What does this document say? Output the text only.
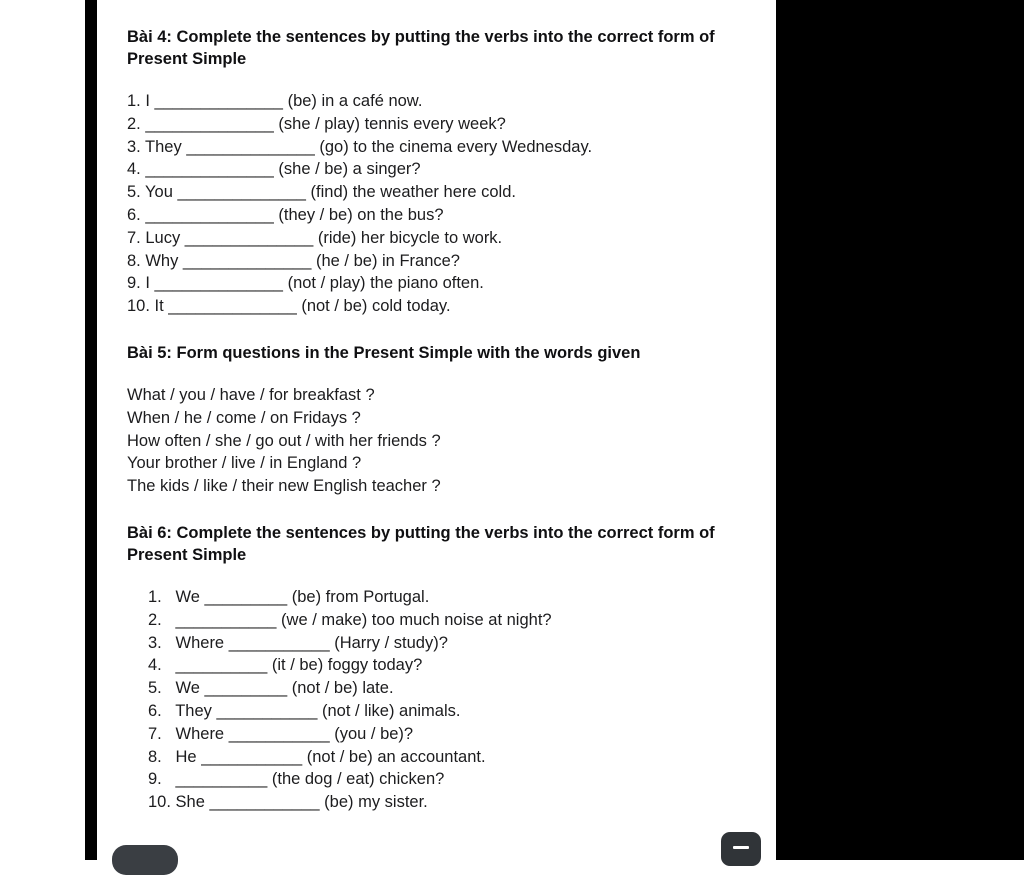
Bài 4: Complete the sentences by putting the verbs into the correct form of Present Simple
1. I ______________ (be) in a café now.
2. ______________ (she / play) tennis every week?
3. They ______________ (go) to the cinema every Wednesday.
4. ______________ (she / be) a singer?
5. You ______________ (find) the weather here cold.
6. ______________ (they / be) on the bus?
7. Lucy ______________ (ride) her bicycle to work.
8. Why ______________ (he / be) in France?
9. I ______________ (not / play) the piano often.
10. It ______________ (not / be) cold today.
Bài 5: Form questions in the Present Simple with the words given
What / you / have / for breakfast ?
When / he / come / on Fridays ?
How often / she / go out / with her friends ?
Your brother / live / in England ?
The kids / like / their new English teacher ?
Bài 6: Complete the sentences by putting the verbs into the correct form of Present Simple
1.   We _________ (be) from Portugal.
2.   ___________ (we / make) too much noise at night?
3.   Where ___________ (Harry / study)?
4.   __________ (it / be) foggy today?
5.   We _________ (not / be) late.
6.   They ___________ (not / like) animals.
7.   Where ___________ (you / be)?
8.   He ___________ (not / be) an accountant.
9.   __________ (the dog / eat) chicken?
10. She ____________ (be) my sister.
